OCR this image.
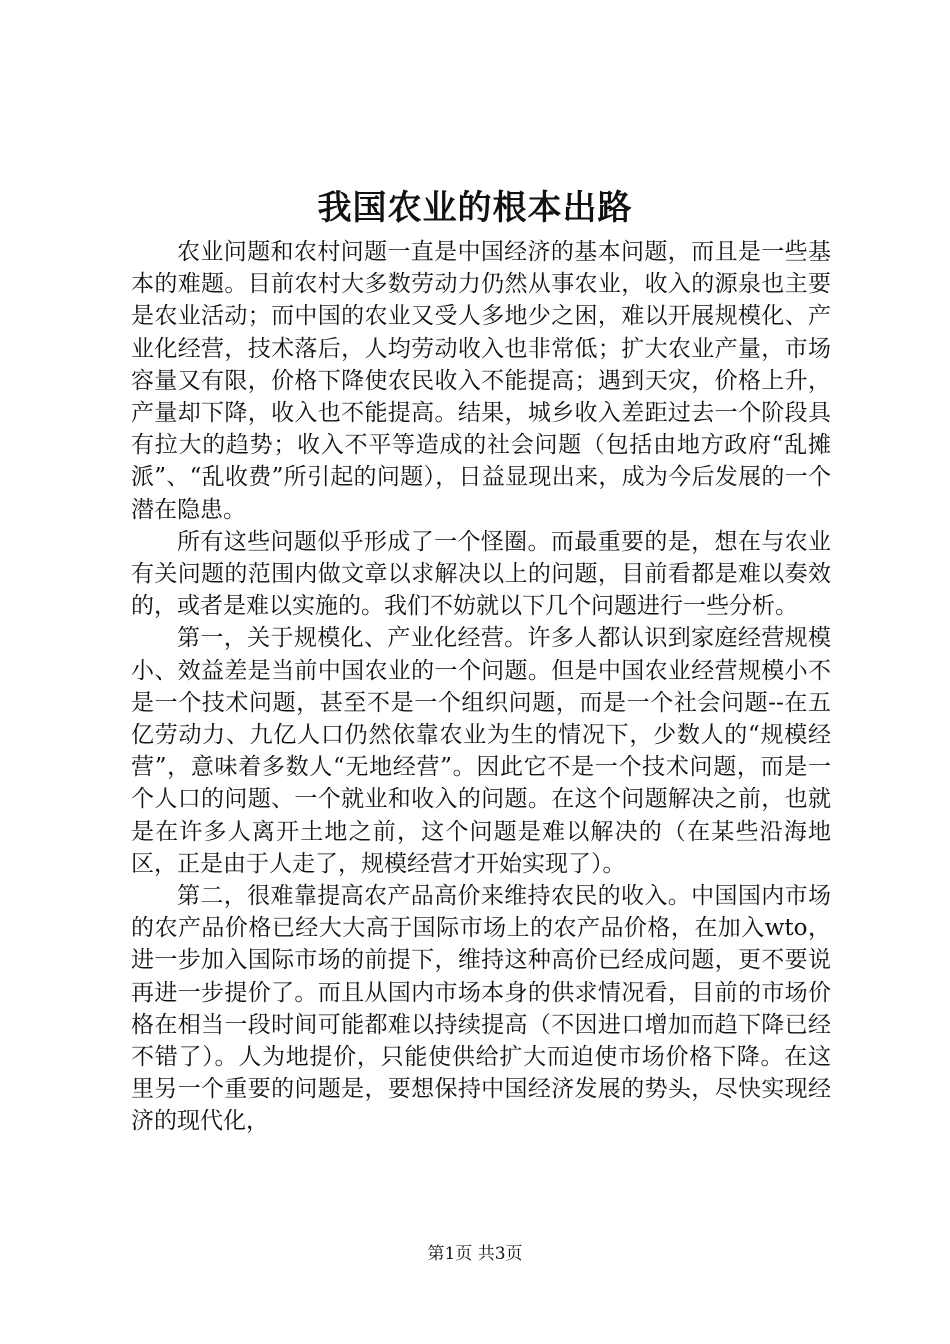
我国农业的根本出路

农业问题和农村问题一直是中国经济的基本问题，而且是一些基本的难题。目前农村大多数劳动力仍然从事农业，收入的源泉也主要是农业活动；而中国的农业又受人多地少之困，难以开展规模化、产业化经营，技术落后，人均劳动收入也非常低；扩大农业产量，市场容量又有限，价格下降使农民收入不能提高；遇到天灾，价格上升，产量却下降，收入也不能提高。结果，城乡收入差距过去一个阶段具有拉大的趋势；收入不平等造成的社会问题（包括由地方政府“乱摊派”、“乱收费”所引起的问题），日益显现出来，成为今后发展的一个潜在隐患。

所有这些问题似乎形成了一个怪圈。而最重要的是，想在与农业有关问题的范围内做文章以求解决以上的问题，目前看都是难以奏效的，或者是难以实施的。我们不妨就以下几个问题进行一些分析。

第一，关于规模化、产业化经营。许多人都认识到家庭经营规模小、效益差是当前中国农业的一个问题。但是中国农业经营规模小不是一个技术问题，甚至不是一个组织问题，而是一个社会问题--在五亿劳动力、九亿人口仍然依靠农业为生的情况下，少数人的“规模经营”，意味着多数人“无地经营”。因此它不是一个技术问题，而是一个人口的问题、一个就业和收入的问题。在这个问题解决之前，也就是在许多人离开土地之前，这个问题是难以解决的（在某些沿海地区，正是由于人走了，规模经营才开始实现了）。

第二，很难靠提高农产品高价来维持农民的收入。中国国内市场的农产品价格已经大大高于国际市场上的农产品价格，在加入wto，进一步加入国际市场的前提下，维持这种高价已经成问题，更不要说再进一步提价了。而且从国内市场本身的供求情况看，目前的市场价格在相当一段时间可能都难以持续提高（不因进口增加而趋下降已经不错了）。人为地提价，只能使供给扩大而迫使市场价格下降。在这里另一个重要的问题是，要想保持中国经济发展的势头，尽快实现经济的现代化，

第1页 共3页
